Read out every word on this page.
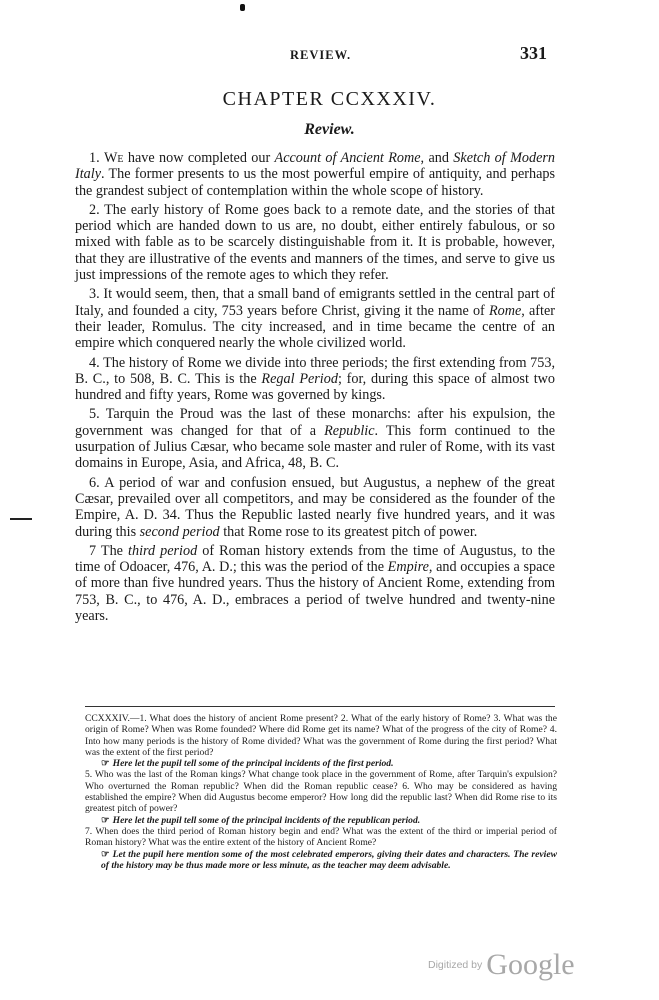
REVIEW.	331
CHAPTER CCXXXIV.
Review.

1. We have now completed our Account of Ancient Rome, and Sketch of Modern Italy. The former presents to us the most powerful empire of antiquity, and perhaps the grandest subject of contemplation within the whole scope of history.

2. The early history of Rome goes back to a remote date, and the stories of that period which are handed down to us are, no doubt, either entirely fabulous, or so mixed with fable as to be scarcely distinguishable from it. It is probable, however, that they are illustrative of the events and manners of the times, and serve to give us just impressions of the remote ages to which they refer.

3. It would seem, then, that a small band of emigrants settled in the central part of Italy, and founded a city, 753 years before Christ, giving it the name of Rome, after their leader, Romulus. The city increased, and in time became the centre of an empire which conquered nearly the whole civilized world.

4. The history of Rome we divide into three periods; the first extending from 753, B. C., to 508, B. C. This is the Regal Period; for, during this space of almost two hundred and fifty years, Rome was governed by kings.

5. Tarquin the Proud was the last of these monarchs: after his expulsion, the government was changed for that of a Republic. This form continued to the usurpation of Julius Cæsar, who became sole master and ruler of Rome, with its vast domains in Europe, Asia, and Africa, 48, B. C.

6. A period of war and confusion ensued, but Augustus, a nephew of the great Cæsar, prevailed over all competitors, and may be considered as the founder of the Empire, A. D. 34. Thus the Republic lasted nearly five hundred years, and it was during this second period that Rome rose to its greatest pitch of power.

7 The third period of Roman history extends from the time of Augustus, to the time of Odoacer, 476, A. D.; this was the period of the Empire, and occupies a space of more than five hundred years. Thus the history of Ancient Rome, extending from 753, B. C., to 476, A. D., embraces a period of twelve hundred and twenty-nine years.

CCXXXIV.—1. What does the history of ancient Rome present? 2. What of the early history of Rome? 3. What was the origin of Rome? When was Rome founded? Where did Rome get its name? What of the progress of the city of Rome? 4. Into how many periods is the history of Rome divided? What was the government of Rome during the first period? What was the extent of the first period?

☞ Here let the pupil tell some of the principal incidents of the first period.

5. Who was the last of the Roman kings? What change took place in the government of Rome, after Tarquin's expulsion? Who overturned the Roman republic? When did the Roman republic cease? 6. Who may be considered as having established the empire? When did Augustus become emperor? How long did the republic last? When did Rome rise to its greatest pitch of power?

☞ Here let the pupil tell some of the principal incidents of the republican period.

7. When does the third period of Roman history begin and end? What was the extent of the third or imperial period of Roman history? What was the entire extent of the history of Ancient Rome?

☞ Let the pupil here mention some of the most celebrated emperors, giving their dates and characters. The review of the history may be thus made more or less minute, as the teacher may deem advisable.

Digitized by Google
